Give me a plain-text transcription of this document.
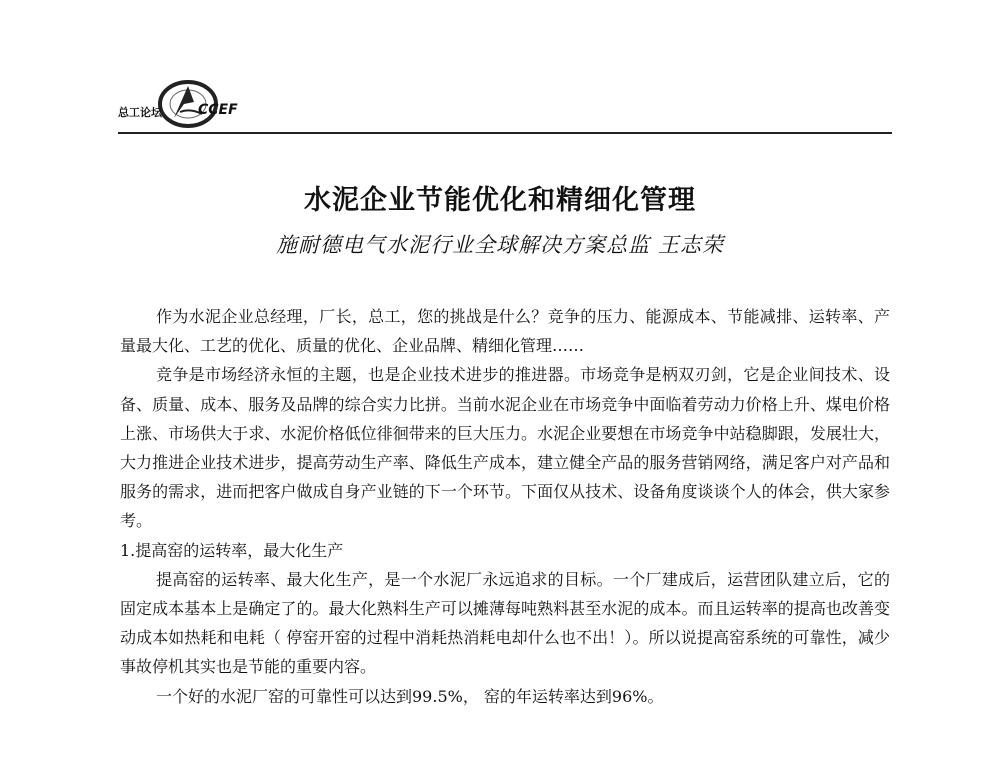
总工论坛	CCEF
水泥企业节能优化和精细化管理
施耐德电气水泥行业全球解决方案总监 王志荣

作为水泥企业总经理，厂长，总工，您的挑战是什么？竞争的压力、能源成本、节能减排、运转率、产量最大化、工艺的优化、质量的优化、企业品牌、精细化管理……

竞争是市场经济永恒的主题，也是企业技术进步的推进器。市场竞争是柄双刃剑，它是企业间技术、设备、质量、成本、服务及品牌的综合实力比拼。当前水泥企业在市场竞争中面临着劳动力价格上升、煤电价格上涨、市场供大于求、水泥价格低位徘徊带来的巨大压力。水泥企业要想在市场竞争中站稳脚跟，发展壮大，大力推进企业技术进步，提高劳动生产率、降低生产成本，建立健全产品的服务营销网络，满足客户对产品和服务的需求，进而把客户做成自身产业链的下一个环节。下面仅从技术、设备角度谈谈个人的体会，供大家参考。

1.提高窑的运转率，最大化生产

提高窑的运转率、最大化生产，是一个水泥厂永远追求的目标。一个厂建成后，运营团队建立后，它的固定成本基本上是确定了的。最大化熟料生产可以摊薄每吨熟料甚至水泥的成本。而且运转率的提高也改善变动成本如热耗和电耗（ 停窑开窑的过程中消耗热消耗电却什么也不出！）。所以说提高窑系统的可靠性，减少事故停机其实也是节能的重要内容。

一个好的水泥厂窑的可靠性可以达到99.5%， 窑的年运转率达到96%。
